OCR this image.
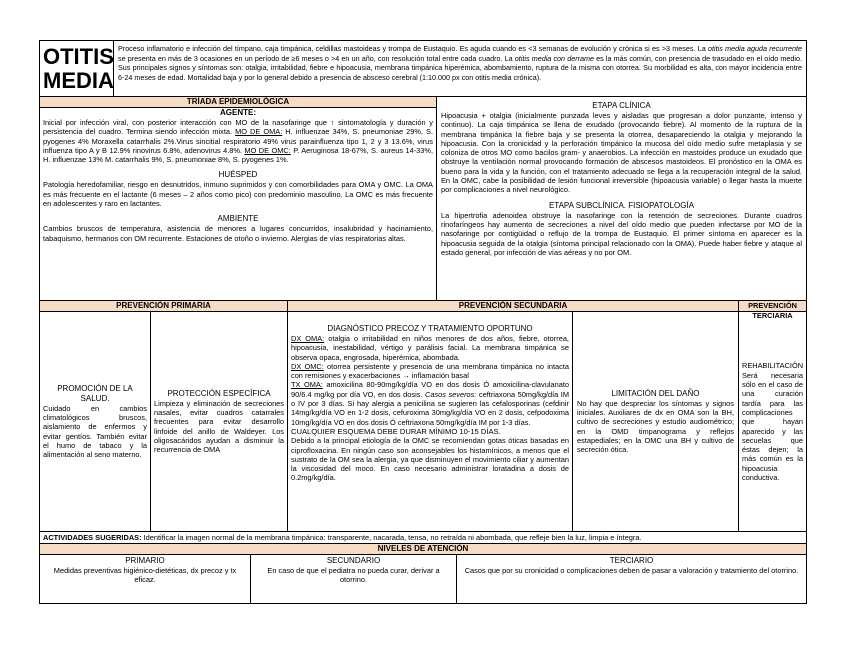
OTITIS
MEDIA
Proceso inflamatorio e infección del tímpano, caja timpánica, celdillas mastoideas y trompa de Eustaquio. Es aguda cuando es <3 semanas de evolución y crónica si es >3 meses. La otitis media aguda recurrente se presenta en más de 3 ocasiones en un período de ≥6 meses o >4 en un año, con resolución total entre cada cuadro. La otitis media con derrame es la más común, con presencia de trasudado en el oído medio. Sus principales signos y síntomas son: otalgia, irritabilidad, fiebre e hipoacusia, membrana timpánica hiperémica, abombamiento, ruptura de la misma con otorrea. Su morbilidad es alta, con mayor incidencia entre 6-24 meses de edad. Mortalidad baja y por lo general debido a presencia de absceso cerebral (1:10.000 px con otitis media crónica).
TRÍADA EPIDEMIOLÓGICA
AGENTE:
Inicial por infección viral, con posterior interacción con MO de la nasofaringe que ↑ sintomatología y duración y persistencia del cuadro. Termina siendo infección mixta. MO DE OMA: H. influenzae 34%, S. pneumoniae 29%, S. pyogenes 4% Moraxella catarrhalis 2%.Virus sincitial respiratorio 49% virus parainfluenza tipo 1, 2 y 3 13.6%, virus influenza tipo A y B 12.9% rinovirus 6.8%, adenovirus 4.8%. MO DE OMC: P. Aeruginosa 18-67%, S. aureus 14-33%, H. influenzae 13% M. catarrhalis 9%, S. pneumoniae 8%, S. pyogenes 1%.
HUÉSPED
Patología heredofamiliar, riesgo en desnutridos, inmuno suprimidos y con comorbilidades para OMA y OMC. La OMA es más frecuente en el lactante (6 meses – 2 años como pico) con predominio masculino. La OMC es más frecuente en adolescentes y raro en lactantes.
AMBIENTE
Cambios bruscos de temperatura, asistencia de menores a lugares concurridos, insalubridad y hacinamiento, tabaquismo, hermanos con OM recurrente. Estaciones de otoño o invierno. Alergias de vías respiratorias altas.
ETAPA CLÍNICA
Hipoacusia + otalgia (inicialmente punzada leves y aisladas que progresan a dolor punzante, intenso y continuo). La caja timpánica se llena de exudado (provocando fiebre). Al momento de la ruptura de la membrana timpánica la fiebre baja y se presenta la otorrea, desapareciendo la otalgia y mejorando la hipoacusia. Con la cronicidad y la perforación timpánico la mucosa del oído medio sufre metaplasia y se coloniza de otros MO como bacilos gram- y anaerobios. La infección en mastoides produce un exudado que obstruye la ventilación normal provocando formación de abscesos mastoideos. El pronóstico en la OMA es bueno para la vida y la función, con el tratamiento adecuado se llega a la recuperación integral de la salud. En la OMC, cabe la posibilidad de lesión funcional irreversible (hipoacusia variable) o llegar hasta la muerte por complicaciones a nivel neurológico.
ETAPA SUBCLÍNICA. FISIOPATOLOGÍA
La hipertrofia adenoidea obstruye la nasofaringe con la retención de secreciones. Durante cuadros rinofaríngeos hay aumento de secreciones a nivel del oído medio que pueden infectarse por MO de la nasofaringe por contigüidad o reflujo de la trompa de Eustaquio. El primer síntoma en aparecer es la hipoacusia seguida de la otalgia (síntoma principal relacionado con la OMA). Puede haber fiebre y ataque al estado general, por infección de vías aéreas y no por OM.
PREVENCIÓN PRIMARIA	PREVENCIÓN SECUNDARIA	PREVENCIÓN TERCIARIA
PROMOCIÓN DE LA SALUD.
Cuidado en cambios climatológicos bruscos, aislamiento de enfermos y evitar gentíos. También evitar el humo de tabaco y la alimentación al seno materno.
PROTECCIÓN ESPECÍFICA
Limpieza y eliminación de secreciones nasales, evitar cuadros catarrales frecuentes para evitar desarrollo linfoide del anillo de Waldeyer. Los oligosacáridos ayudan a disminuir la recurrencia de OMA
DIAGNÓSTICO PRECOZ Y TRATAMIENTO OPORTUNO
DX OMA: otalgia o irritabilidad en niños menores de dos años, fiebre, otorrea, hipoacusia, inestabilidad, vértigo y parálisis facial. La membrana timpánica se observa opaca, engrosada, hiperémica, abombada.
DX OMC: otorrea persistente y presencia de una membrana timpánica no intacta con remisiones y exacerbaciones → inflamación basal
TX OMA: amoxicilina 80-90mg/kg/día VO en dos dosis Ó amoxicilina-clavulanato 90/6.4 mg/kg por día VO, en dos dosis. Casos severos: ceftriaxona 50mg/kg/día IM o IV por 3 días. Si hay alergia a penicilina se sugieren las cefalosporinas (cefdinir 14mg/kg/día VO en 1-2 dosis, cefuroxima 30mg/kg/día VO en 2 dosis, cefpodoxima 10mg/kg/día VO en dos dosis Ó ceftriaxona 50mg/kg/día IM por 1-3 días.
CUALQUIER ESQUEMA DEBE DURAR MÍNIMO 10-15 DÍAS.
Debido a la principal etiología de la OMC se recomiendan gotas óticas basadas en ciprofloxacina. En ningún caso son aconsejables los histamínicos, a menos que el sustrato de la OM sea la alergia, ya que disminuyen el movimiento ciliar y aumentan la viscosidad del moco. En caso necesario administrar loratadina a dosis de 0.2mg/kg/día.
LIMITACIÓN DEL DAÑO
No hay que despreciar los síntomas y signos iniciales. Auxiliares de dx en OMA son la BH, cultivo de secreciones y estudio audiométrico; en la OMD timpanograma y reflejos estapediales; en la OMC una BH y cultivo de secreción ótica.
REHABILITACIÓN
Será necesaria sólo en el caso de una curación tardía para las complicaciones que hayan aparecido y las secuelas que éstas dejen; la más común es la hipoacusia conductiva.
ACTIVIDADES SUGERIDAS: Identificar la imagen normal de la membrana timpánica: transparente, nacarada, tensa, no retraída ni abombada, que refleje bien la luz, limpia e íntegra.
NIVELES DE ATENCIÓN
PRIMARIO
Medidas preventivas higiénico-dietéticas, dx precoz y tx eficaz.
SECUNDARIO
En caso de que el pediatra no pueda curar, derivar a otorrino.
TERCIARIO
Casos que por su cronicidad o complicaciones deben de pasar a valoración y tratamiento del otorrino.
